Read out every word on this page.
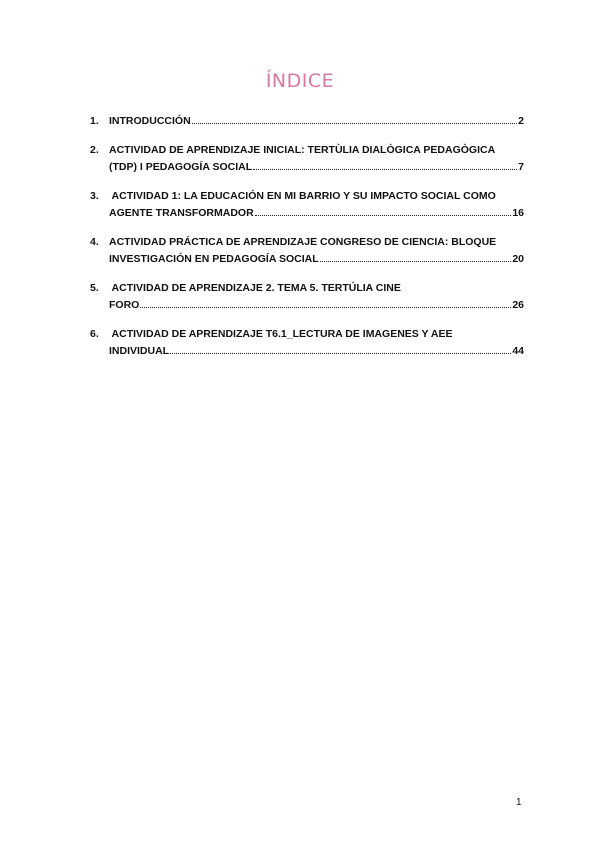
ÍNDICE
1. INTRODUCCIÓN	2
2. ACTIVIDAD DE APRENDIZAJE INICIAL: TERTÙLIA DIALÒGICA PEDAGÒGICA
(TDP) I PEDAGOGÍA SOCIAL	7
3. ACTIVIDAD 1: LA EDUCACIÓN EN MI BARRIO Y SU IMPACTO SOCIAL COMO
AGENTE TRANSFORMADOR	16
4. ACTIVIDAD PRÁCTICA DE APRENDIZAJE CONGRESO DE CIENCIA: BLOQUE
INVESTIGACIÓN EN PEDAGOGÍA SOCIAL	20
5. ACTIVIDAD DE APRENDIZAJE 2. TEMA 5. TERTÚLIA CINE
FORO	26
6. ACTIVIDAD DE APRENDIZAJE T6.1_LECTURA DE IMAGENES Y AEE
INDIVIDUAL	44
1
